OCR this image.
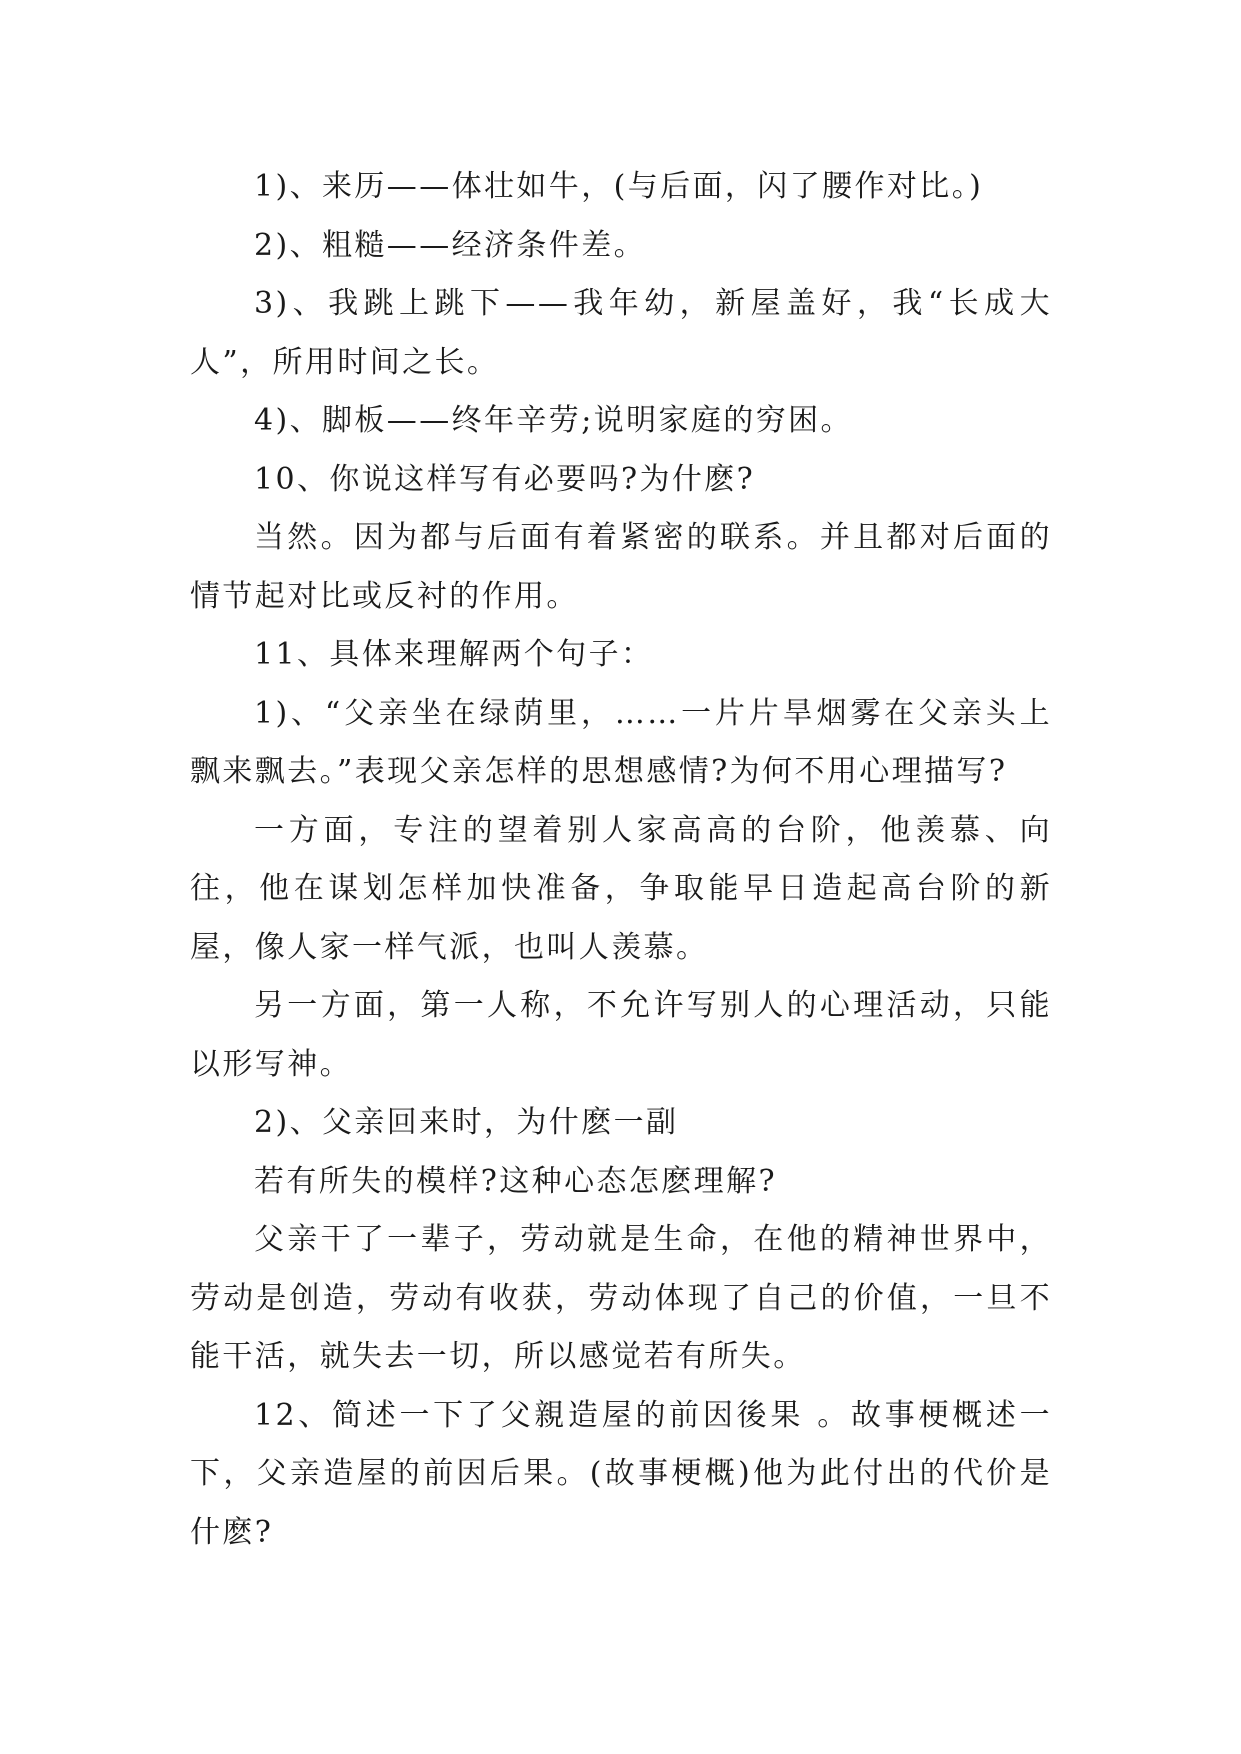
1)、来历——体壮如牛，(与后面，闪了腰作对比。)

2)、粗糙——经济条件差。

3)、我跳上跳下——我年幼，新屋盖好，我“长成大人”，所用时间之长。

4)、脚板——终年辛劳;说明家庭的穷困。

10、你说这样写有必要吗?为什麽?

当然。因为都与后面有着紧密的联系。并且都对后面的情节起对比或反衬的作用。

11、具体来理解两个句子：

1)、“父亲坐在绿荫里，……一片片旱烟雾在父亲头上飘来飘去。”表现父亲怎样的思想感情?为何不用心理描写?

一方面，专注的望着别人家高高的台阶，他羡慕、向往，他在谋划怎样加快准备，争取能早日造起高台阶的新屋，像人家一样气派，也叫人羡慕。

另一方面，第一人称，不允许写别人的心理活动，只能以形写神。

2)、父亲回来时，为什麽一副

若有所失的模样?这种心态怎麽理解?

父亲干了一辈子，劳动就是生命，在他的精神世界中，劳动是创造，劳动有收获，劳动体现了自己的价值，一旦不能干活，就失去一切，所以感觉若有所失。

12、简述一下了父親造屋的前因後果 。故事梗概述一下，父亲造屋的前因后果。(故事梗概)他为此付出的代价是什麽?
